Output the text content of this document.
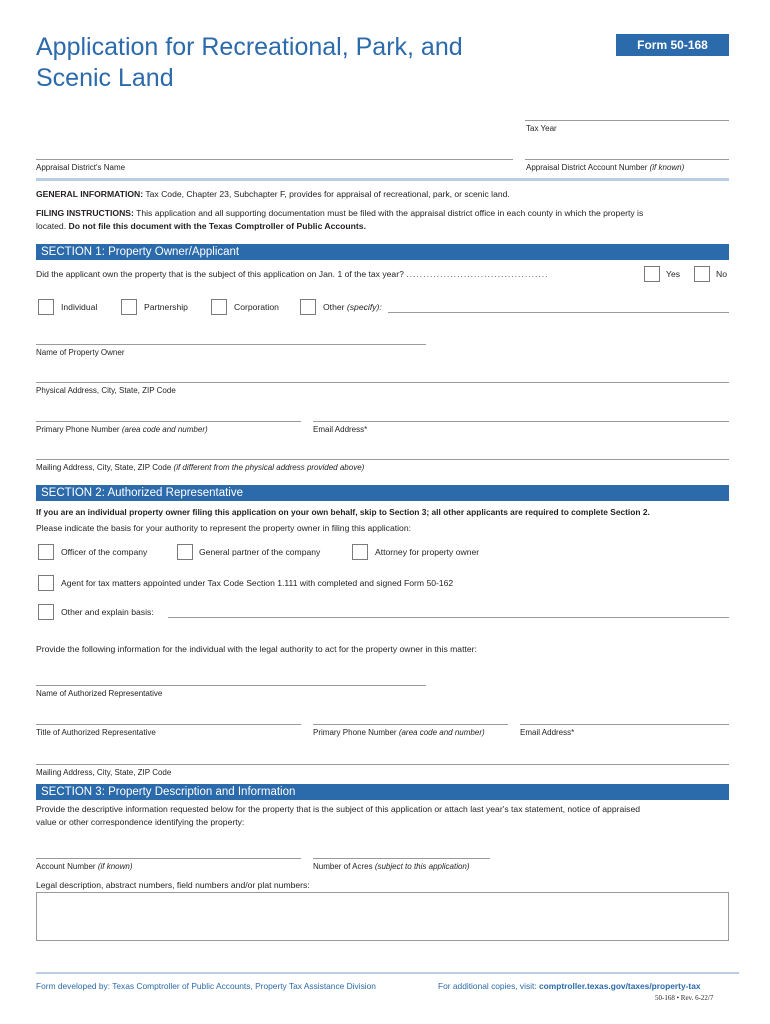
Application for Recreational, Park, and
Scenic Land
Form 50-168
Tax Year
Appraisal District's Name	Appraisal District Account Number (if known)
GENERAL INFORMATION: Tax Code, Chapter 23, Subchapter F, provides for appraisal of recreational, park, or scenic land.
FILING INSTRUCTIONS: This application and all supporting documentation must be filed with the appraisal district office in each county in which the property is
located. Do not file this document with the Texas Comptroller of Public Accounts.
SECTION 1: Property Owner/Applicant
Did the applicant own the property that is the subject of this application on Jan. 1 of the tax year? ..........................................	Yes	No
Individual	Partnership	Corporation	Other (specify):
Name of Property Owner
Physical Address, City, State, ZIP Code
Primary Phone Number (area code and number)	Email Address*
Mailing Address, City, State, ZIP Code (if different from the physical address provided above)
SECTION 2: Authorized Representative
If you are an individual property owner filing this application on your own behalf, skip to Section 3; all other applicants are required to complete Section 2.
Please indicate the basis for your authority to represent the property owner in filing this application:
Officer of the company	General partner of the company	Attorney for property owner
Agent for tax matters appointed under Tax Code Section 1.111 with completed and signed Form 50-162
Other and explain basis:
Provide the following information for the individual with the legal authority to act for the property owner in this matter:
Name of Authorized Representative
Title of Authorized Representative	Primary Phone Number (area code and number)	Email Address*
Mailing Address, City, State, ZIP Code
SECTION 3: Property Description and Information
Provide the descriptive information requested below for the property that is the subject of this application or attach last year's tax statement, notice of appraised
value or other correspondence identifying the property:
Account Number (if known)	Number of Acres (subject to this application)
Legal description, abstract numbers, field numbers and/or plat numbers:
Form developed by: Texas Comptroller of Public Accounts, Property Tax Assistance Division	For additional copies, visit: comptroller.texas.gov/taxes/property-tax
50-168 • Rev. 6-22/7
